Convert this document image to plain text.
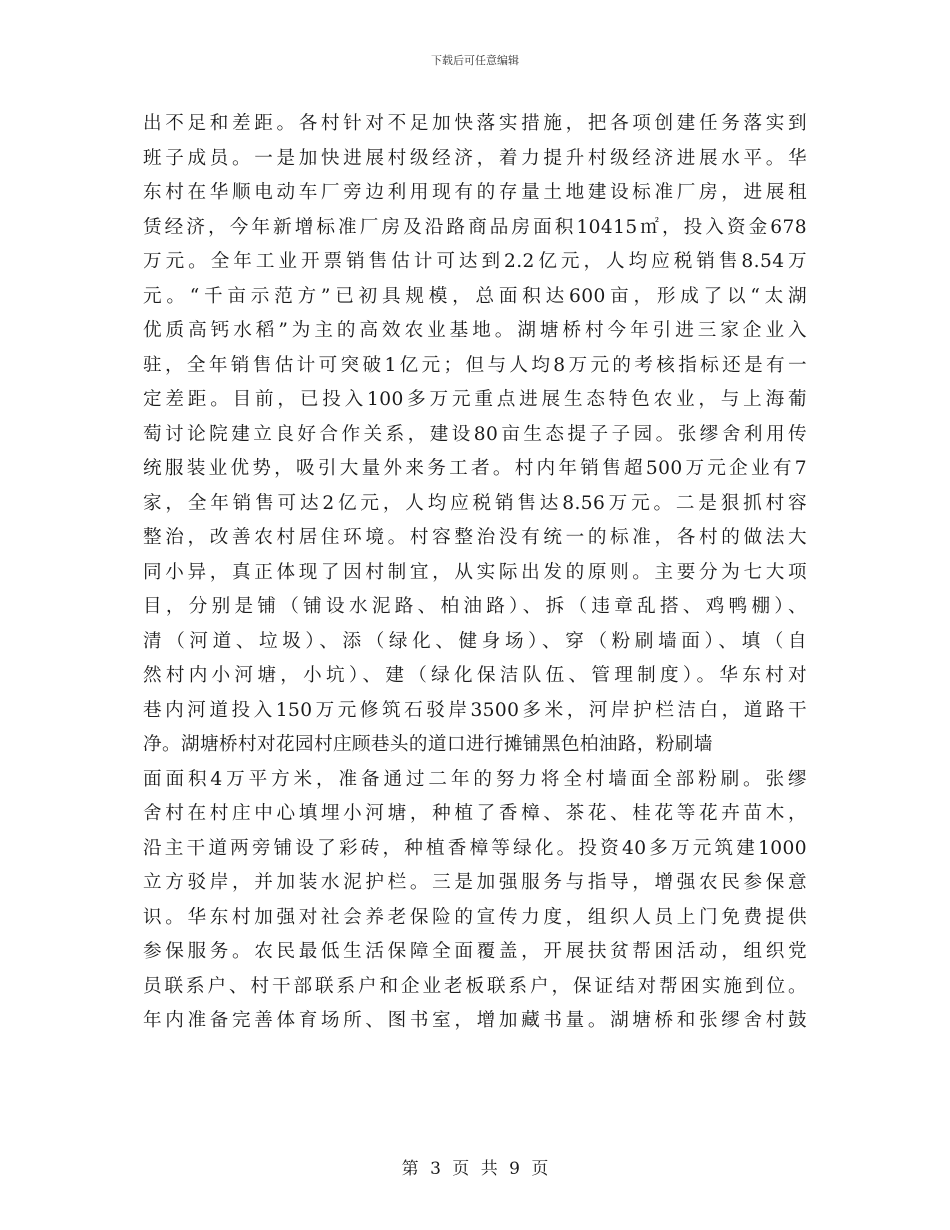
下载后可任意编辑
出不足和差距。各村针对不足加快落实措施，把各项创建任务落实到
班子成员。一是加快进展村级经济，着力提升村级经济进展水平。华
东村在华顺电动车厂旁边利用现有的存量土地建设标准厂房，进展租
赁经济，今年新增标准厂房及沿路商品房面积10415㎡，投入资金678
万元。全年工业开票销售估计可达到2.2亿元，人均应税销售8.54万
元。“千亩示范方”已初具规模，总面积达600亩，形成了以“太湖
优质高钙水稻”为主的高效农业基地。湖塘桥村今年引进三家企业入
驻，全年销售估计可突破1亿元；但与人均8万元的考核指标还是有一
定差距。目前，已投入100多万元重点进展生态特色农业，与上海葡
萄讨论院建立良好合作关系，建设80亩生态提子子园。张缪舍利用传
统服装业优势，吸引大量外来务工者。村内年销售超500万元企业有7
家，全年销售可达2亿元，人均应税销售达8.56万元。二是狠抓村容
整治，改善农村居住环境。村容整治没有统一的标准，各村的做法大
同小异，真正体现了因村制宜，从实际出发的原则。主要分为七大项
目，分别是铺（铺设水泥路、柏油路）、拆（违章乱搭、鸡鸭棚）、
清（河道、垃圾）、添（绿化、健身场）、穿（粉刷墙面）、填（自
然村内小河塘，小坑）、建（绿化保洁队伍、管理制度）。华东村对
巷内河道投入150万元修筑石驳岸3500多米，河岸护栏洁白，道路干
净。湖塘桥村对花园村庄顾巷头的道口进行摊铺黑色柏油路，粉刷墙
面面积4万平方米，准备通过二年的努力将全村墙面全部粉刷。张缪
舍村在村庄中心填埋小河塘，种植了香樟、茶花、桂花等花卉苗木，
沿主干道两旁铺设了彩砖，种植香樟等绿化。投资40多万元筑建1000
立方驳岸，并加装水泥护栏。三是加强服务与指导，增强农民参保意
识。华东村加强对社会养老保险的宣传力度，组织人员上门免费提供
参保服务。农民最低生活保障全面覆盖，开展扶贫帮困活动，组织党
员联系户、村干部联系户和企业老板联系户，保证结对帮困实施到位。
年内准备完善体育场所、图书室，增加藏书量。湖塘桥和张缪舍村鼓
第 3 页 共 9 页
